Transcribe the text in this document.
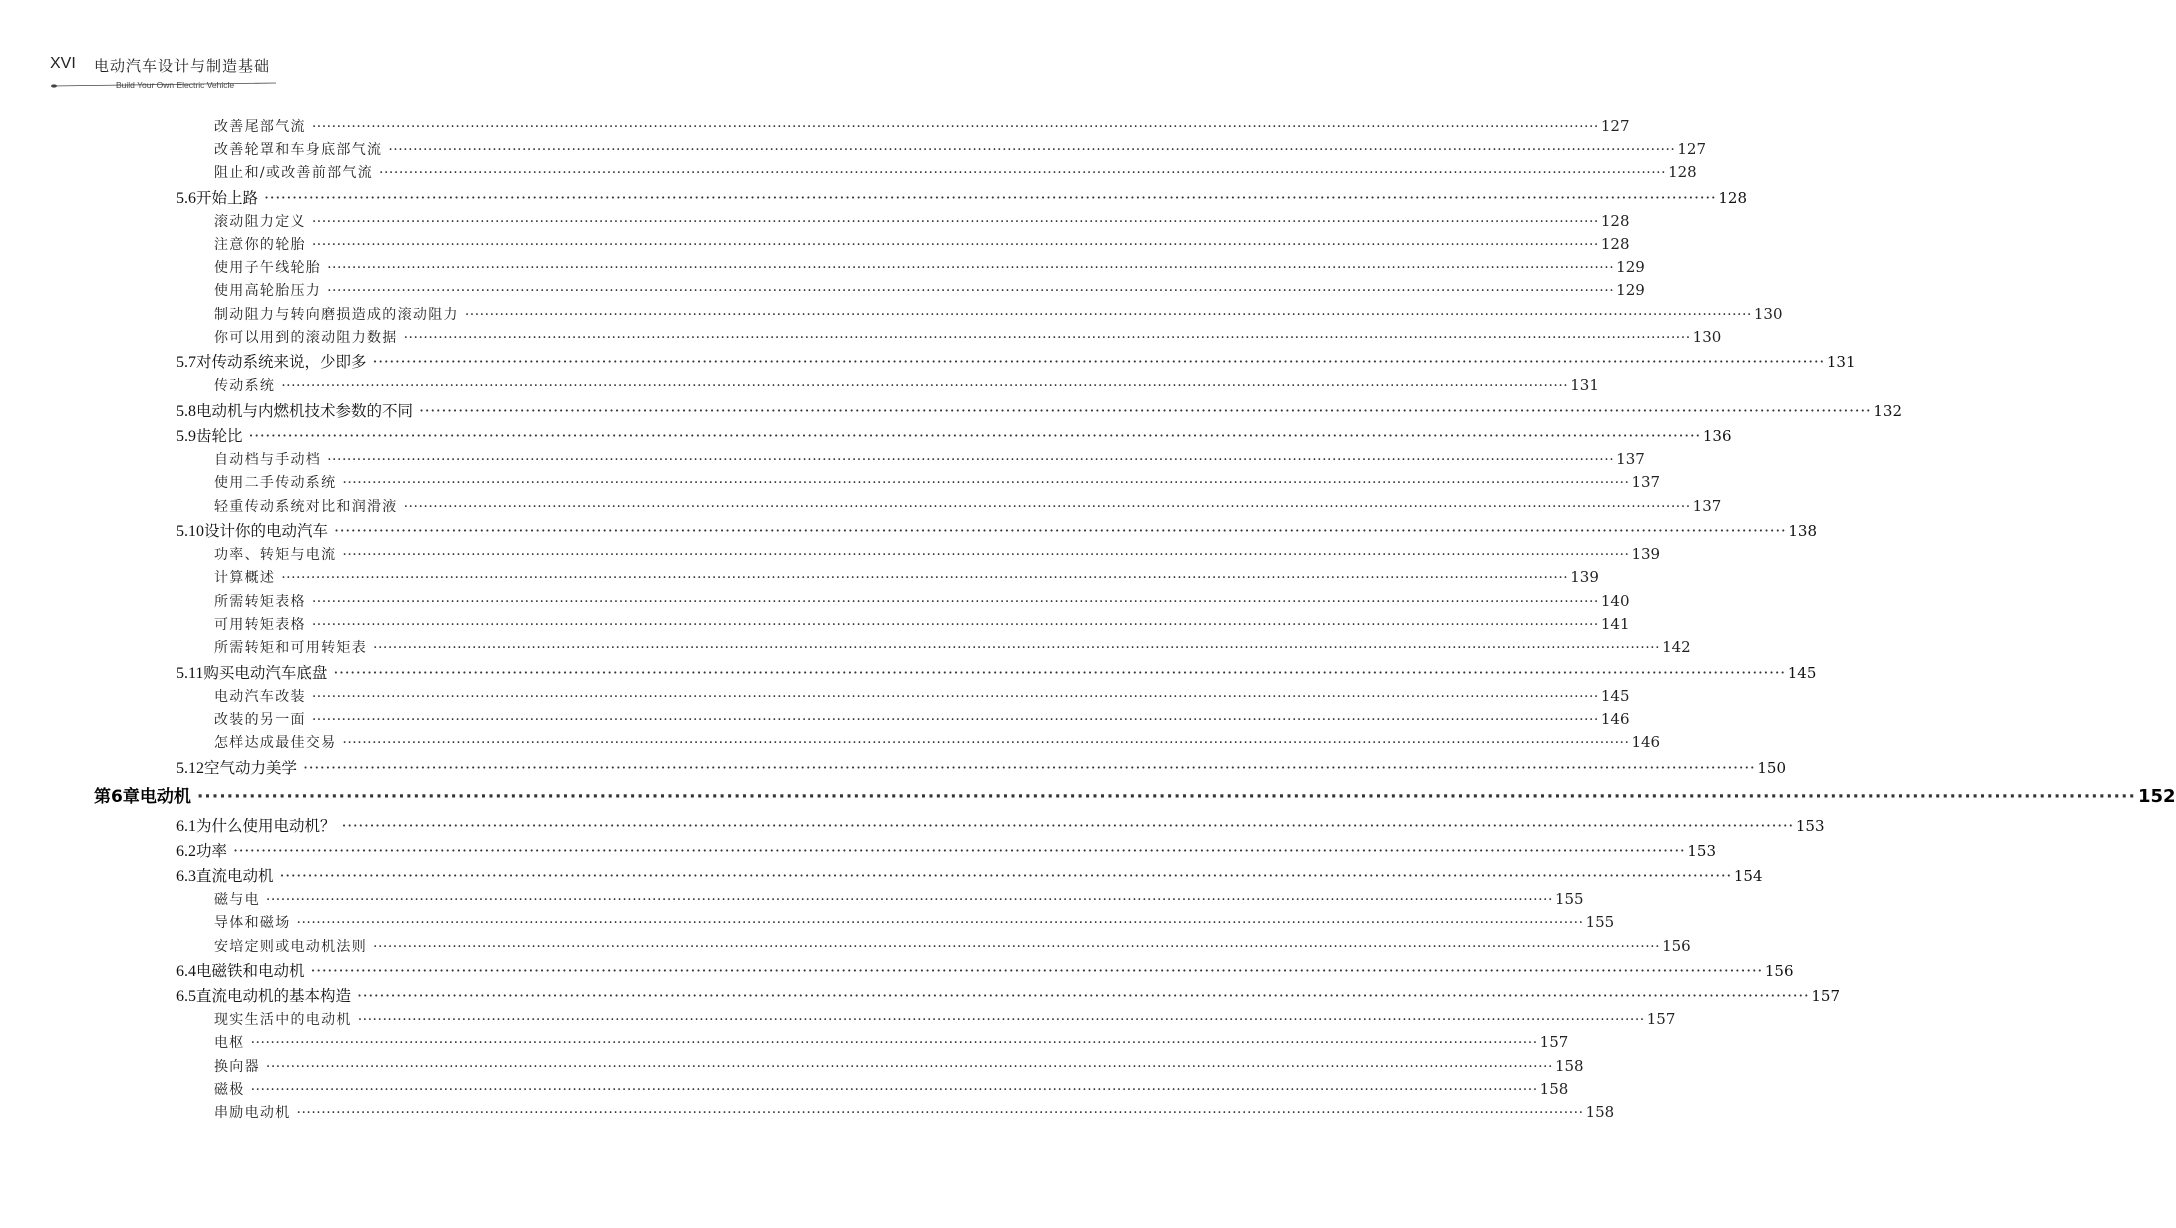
XVI 电动汽车设计与制造基础
Build Your Own Electric Vehicle
改善尾部气流 ···································································································································································································································································· 127
改善轮罩和车身底部气流 ···································································································································································································································································· 127
阻止和/或改善前部气流 ···································································································································································································································································· 128
5.6 开始上路 ···································································································································································································································································· 128
滚动阻力定义 ···································································································································································································································································· 128
注意你的轮胎 ···································································································································································································································································· 128
使用子午线轮胎 ···································································································································································································································································· 129
使用高轮胎压力 ···································································································································································································································································· 129
制动阻力与转向磨损造成的滚动阻力 ···································································································································································································································································· 130
你可以用到的滚动阻力数据 ···································································································································································································································································· 130
5.7 对传动系统来说，少即多 ···································································································································································································································································· 131
传动系统 ···································································································································································································································································· 131
5.8 电动机与内燃机技术参数的不同 ···································································································································································································································································· 132
5.9 齿轮比 ···································································································································································································································································· 136
自动档与手动档 ···································································································································································································································································· 137
使用二手传动系统 ···································································································································································································································································· 137
轻重传动系统对比和润滑液 ···································································································································································································································································· 137
5.10 设计你的电动汽车 ···································································································································································································································································· 138
功率、转矩与电流 ···································································································································································································································································· 139
计算概述 ···································································································································································································································································· 139
所需转矩表格 ···································································································································································································································································· 140
可用转矩表格 ···································································································································································································································································· 141
所需转矩和可用转矩表 ···································································································································································································································································· 142
5.11 购买电动汽车底盘 ···································································································································································································································································· 145
电动汽车改装 ···································································································································································································································································· 145
改装的另一面 ···································································································································································································································································· 146
怎样达成最佳交易 ···································································································································································································································································· 146
5.12 空气动力美学 ···································································································································································································································································· 150
第6章 电动机 ···································································································································································································································································· 152
6.1 为什么使用电动机？ ···································································································································································································································································· 153
6.2 功率 ···································································································································································································································································· 153
6.3 直流电动机 ···································································································································································································································································· 154
磁与电 ···································································································································································································································································· 155
导体和磁场 ···································································································································································································································································· 155
安培定则或电动机法则 ···································································································································································································································································· 156
6.4 电磁铁和电动机 ···································································································································································································································································· 156
6.5 直流电动机的基本构造 ···································································································································································································································································· 157
现实生活中的电动机 ···································································································································································································································································· 157
电枢 ···································································································································································································································································· 157
换向器 ···································································································································································································································································· 158
磁极 ···································································································································································································································································· 158
串励电动机 ···································································································································································································································································· 158
